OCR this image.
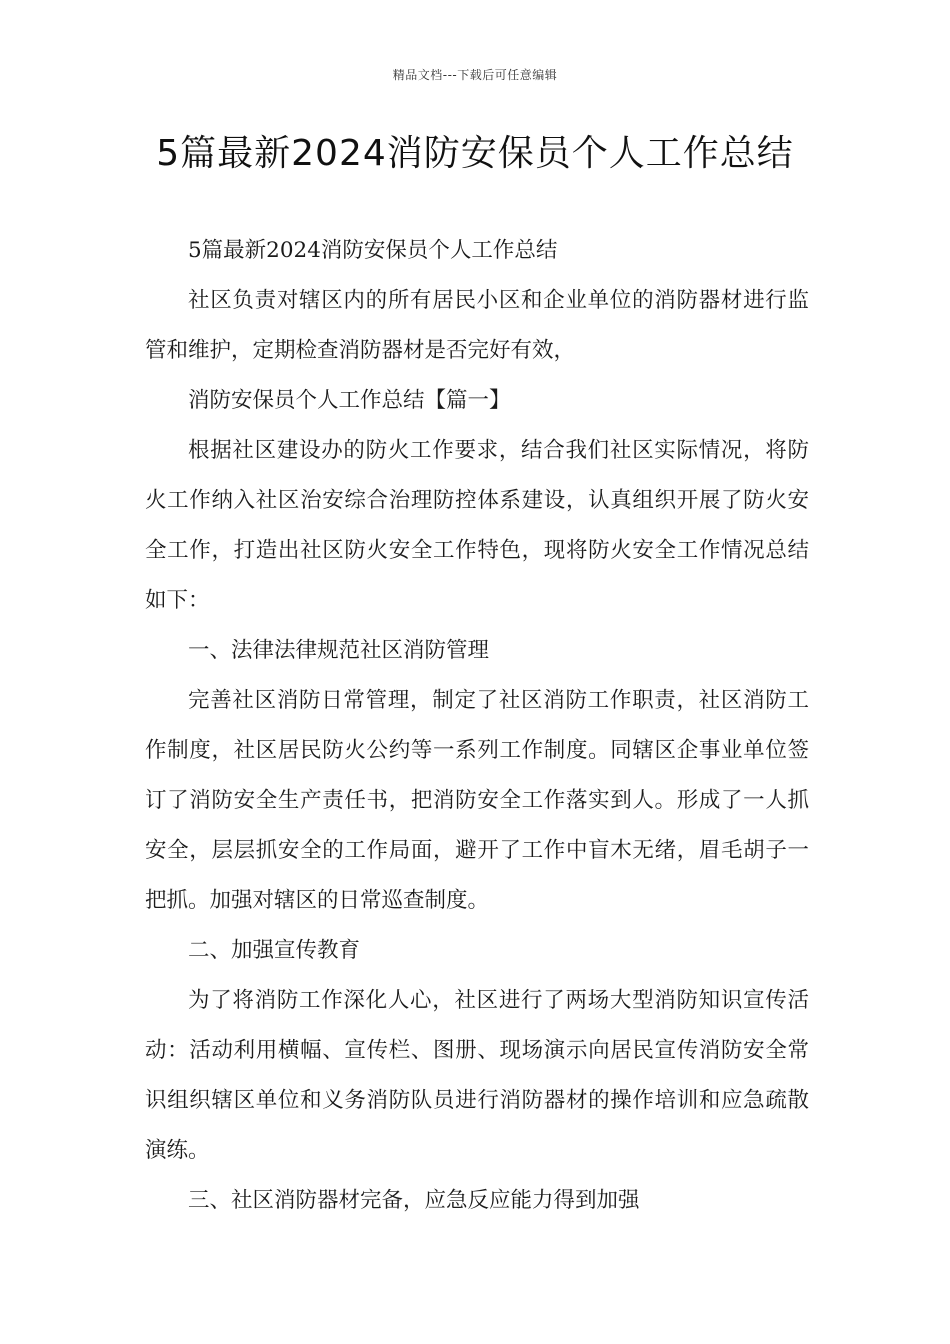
精品文档---下载后可任意编辑
5篇最新2024消防安保员个人工作总结

5篇最新2024消防安保员个人工作总结

社区负责对辖区内的所有居民小区和企业单位的消防器材进行监管和维护，定期检查消防器材是否完好有效，

消防安保员个人工作总结【篇一】

根据社区建设办的防火工作要求，结合我们社区实际情况，将防火工作纳入社区治安综合治理防控体系建设，认真组织开展了防火安全工作，打造出社区防火安全工作特色，现将防火安全工作情况总结如下：

一、法律法律规范社区消防管理

完善社区消防日常管理，制定了社区消防工作职责，社区消防工作制度，社区居民防火公约等一系列工作制度。同辖区企事业单位签订了消防安全生产责任书，把消防安全工作落实到人。形成了一人抓安全，层层抓安全的工作局面，避开了工作中盲木无绪，眉毛胡子一把抓。加强对辖区的日常巡查制度。

二、加强宣传教育

为了将消防工作深化人心，社区进行了两场大型消防知识宣传活动：活动利用横幅、宣传栏、图册、现场演示向居民宣传消防安全常识组织辖区单位和义务消防队员进行消防器材的操作培训和应急疏散演练。

三、社区消防器材完备，应急反应能力得到加强
